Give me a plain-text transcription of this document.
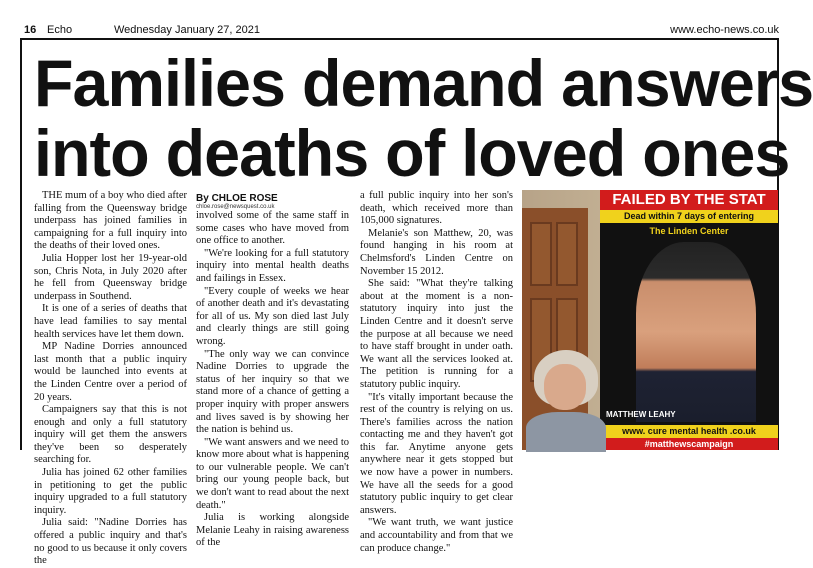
16 Echo	Wednesday January 27, 2021	www.echo-news.co.uk
Families demand answers
into deaths of loved ones

THE mum of a boy who died after falling from the Queensway bridge underpass has joined families in campaigning for a full inquiry into the deaths of their loved ones.

Julia Hopper lost her 19-year-old son, Chris Nota, in July 2020 after he fell from Queensway bridge underpass in Southend.

It is one of a series of deaths that have lead families to say mental health services have let them down.

MP Nadine Dorries announced last month that a public inquiry would be launched into events at the Linden Centre over a period of 20 years.

Campaigners say that this is not enough and only a full statutory inquiry will get them the answers they've been so desperately searching for.

Julia has joined 62 other families in petitioning to get the public inquiry upgraded to a full statutory inquiry.

Julia said: "Nadine Dorries has offered a public inquiry and that's no good to us because it only covers the

By CHLOE ROSE

chloe.rose@newsquest.co.uk

involved some of the same staff in some cases who have moved from one office to another.

"We're looking for a full statutory inquiry into mental health deaths and failings in Essex.

"Every couple of weeks we hear of another death and it's devastating for all of us. My son died last July and clearly things are still going wrong.

"The only way we can convince Nadine Dorries to upgrade the status of her inquiry so that we stand more of a chance of getting a proper inquiry with proper answers and lives saved is by showing her the nation is behind us.

"We want answers and we need to know more about what is happening to our vulnerable people. We can't bring our young people back, but we don't want to read about the next death."

Julia is working alongside Melanie Leahy in raising awareness of the

a full public inquiry into her son's death, which received more than 105,000 signatures.

Melanie's son Matthew, 20, was found hanging in his room at Chelmsford's Linden Centre on November 15 2012.

She said: "What they're talking about at the moment is a non-statutory inquiry into just the Linden Centre and it doesn't serve the purpose at all because we need to have staff brought in under oath. We want all the services looked at. The petition is running for a statutory public inquiry.

"It's vitally important because the rest of the country is relying on us. There's families across the nation contacting me and they haven't got this far. Anytime anyone gets anywhere near it gets stopped but we now have a power in numbers. We have all the seeds for a good statutory public inquiry to get clear answers.

"We want truth, we want justice and accountability and from that we can produce change."

FAILED BY THE STAT
Dead within 7 days of entering
The Linden Center
MATTHEW LEAHY
www. cure mental health .co.uk
#matthewscampaign
